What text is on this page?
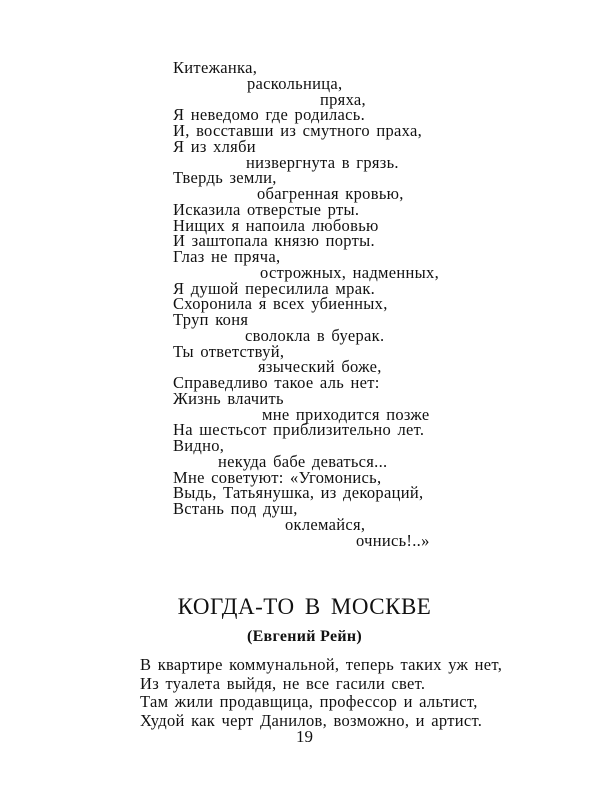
Китежанка,
раскольница,
пряха,
Я неведомо где родилась.
И, восставши из смутного праха,
Я из хляби
низвергнута в грязь.
Твердь земли,
обагренная кровью,
Исказила отверстые рты.
Нищих я напоила любовью
И заштопала князю порты.
Глаз не пряча,
острожных, надменных,
Я душой пересилила мрак.
Схоронила я всех убиенных,
Труп коня
сволокла в буерак.
Ты ответствуй,
языческий боже,
Справедливо такое аль нет:
Жизнь влачить
мне приходится позже
На шестьсот приблизительно лет.
Видно,
некуда бабе деваться...
Мне советуют: «Угомонись,
Выдь, Татьянушка, из декораций,
Встань под душ,
оклемайся,
очнись!..»
КОГДА-ТО В МОСКВЕ
(Евгений Рейн)
В квартире коммунальной, теперь таких уж нет,
Из туалета выйдя, не все гасили свет.
Там жили продавщица, профессор и альтист,
Худой как черт Данилов, возможно, и артист.
19
